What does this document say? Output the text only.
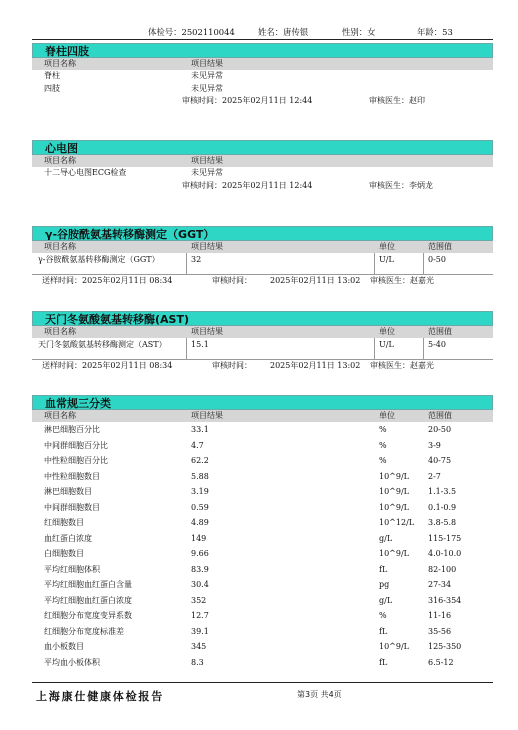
体检号：2502110044	姓名：唐传银	性别：女	年龄：53
脊柱四肢
项目名称	项目结果
脊柱	未见异常
四肢	未见异常
审核时间：2025年02月11日 12:44	审核医生：赵印
心电图
项目名称	项目结果
十二导心电图ECG检查	未见异常
审核时间：2025年02月11日 12:44	审核医生：李炳龙
γ-谷胺酰氨基转移酶测定（GGT）
项目名称	项目结果	单位	范围值
γ-谷胺酰氨基转移酶测定（GGT）	32	U/L	0-50
送样时间：2025年02月11日 08:34	审核时间： 2025年02月11日 13:02 审核医生：赵嘉光
天门冬氨酸氨基转移酶(AST)
项目名称	项目结果	单位	范围值
天门冬氨酸氨基转移酶测定（AST）	15.1	U/L	5-40
送样时间：2025年02月11日 08:34	审核时间： 2025年02月11日 13:02 审核医生：赵嘉光
血常规三分类
项目名称	项目结果	单位	范围值
淋巴细胞百分比	33.1	%	20-50
中间群细胞百分比	4.7	%	3-9
中性粒细胞百分比	62.2	%	40-75
中性粒细胞数目	5.88	10^9/L 2-7
淋巴细胞数目	3.19	10^9/L 1.1-3.5
中间群细胞数目	0.59	10^9/L 0.1-0.9
红细胞数目	4.89	10^12/L 3.8-5.8
血红蛋白浓度	149	g/L	115-175
白细胞数目	9.66	10^9/L 4.0-10.0
平均红细胞体积	83.9	fL	82-100
平均红细胞血红蛋白含量	30.4	pg	27-34
平均红细胞血红蛋白浓度	352	g/L	316-354
红细胞分布宽度变异系数	12.7	%	11-16
红细胞分布宽度标准差	39.1	fL	35-56
血小板数目	345	10^9/L 125-350
平均血小板体积	8.3	fL	6.5-12
上海康仕健康体检报告	第3页 共4页
